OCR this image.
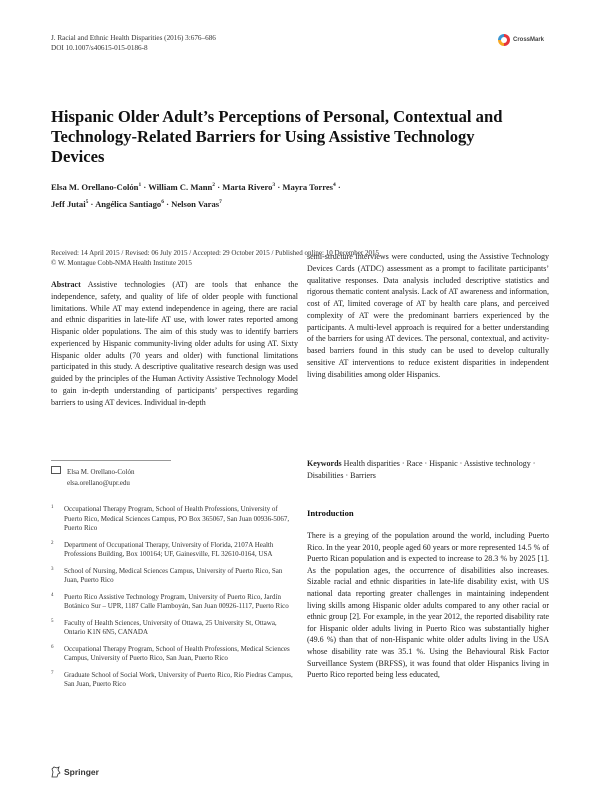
J. Racial and Ethnic Health Disparities (2016) 3:676–686
DOI 10.1007/s40615-015-0186-8
CrossMark
Hispanic Older Adult’s Perceptions of Personal, Contextual and Technology-Related Barriers for Using Assistive Technology Devices
Elsa M. Orellano-Colón$^1$ · William C. Mann$^2$ · Marta Rivero$^3$ · Mayra Torres$^4$ ·
Jeff Jutai$^5$ · Angélica Santiago$^6$ · Nelson Varas$^7$
Received: 14 April 2015 / Revised: 06 July 2015 / Accepted: 29 October 2015 / Published online: 10 December 2015
© W. Montague Cobb-NMA Health Institute 2015

Abstract Assistive technologies (AT) are tools that enhance the independence, safety, and quality of life of older people with functional limitations. While AT may extend independence in ageing, there are racial and ethnic disparities in late-life AT use, with lower rates reported among Hispanic older populations. The aim of this study was to identify barriers experienced by Hispanic community-living older adults for using AT. Sixty Hispanic older adults (70 years and older) with functional limitations participated in this study. A descriptive qualitative research design was used guided by the principles of the Human Activity Assistive Technology Model to gain in-depth understanding of participants’ perspectives regarding barriers to using AT devices. Individual in-depth

semi-structure interviews were conducted, using the Assistive Technology Devices Cards (ATDC) assessment as a prompt to facilitate participants’ qualitative responses. Data analysis included descriptive statistics and rigorous thematic content analysis. Lack of AT awareness and information, cost of AT, limited coverage of AT by health care plans, and perceived complexity of AT were the predominant barriers experienced by the participants. A multi-level approach is required for a better understanding of the barriers for using AT devices. The personal, contextual, and activity-based barriers found in this study can be used to develop culturally sensitive AT interventions to reduce existent disparities in independent living disabilities among older Hispanics.

Keywords Health disparities · Race · Hispanic · Assistive technology · Disabilities · Barriers
Elsa M. Orellano-Colón
elsa.orellano@upr.edu
1 Occupational Therapy Program, School of Health Professions, University of Puerto Rico, Medical Sciences Campus, PO Box 365067, San Juan 00936-5067, Puerto Rico
2 Department of Occupational Therapy, University of Florida, 2107A Health Professions Building, Box 100164; UF, Gainesville, FL 32610-0164, USA
3 School of Nursing, Medical Sciences Campus, University of Puerto Rico, San Juan, Puerto Rico
4 Puerto Rico Assistive Technology Program, University of Puerto Rico, Jardín Botánico Sur – UPR, 1187 Calle Flamboyán, San Juan 00926-1117, Puerto Rico
5 Faculty of Health Sciences, University of Ottawa, 25 University St, Ottawa, Ontario K1N 6N5, CANADA
6 Occupational Therapy Program, School of Health Professions, Medical Sciences Campus, University of Puerto Rico, San Juan, Puerto Rico
7 Graduate School of Social Work, University of Puerto Rico, Río Piedras Campus, San Juan, Puerto Rico
Introduction
There is a greying of the population around the world, including Puerto Rico. In the year 2010, people aged 60 years or more represented 14.5 % of Puerto Rican population and is expected to increase to 28.3 % by 2025 [1]. As the population ages, the occurrence of disabilities also increases. Sizable racial and ethnic disparities in late-life disability exist, with US national data reporting greater challenges in maintaining independent living skills among Hispanic older adults compared to any other racial or ethnic group [2]. For example, in the year 2012, the reported disability rate for Hispanic older adults living in Puerto Rico was substantially higher (49.6 %) than that of non-Hispanic white older adults living in the USA whose disability rate was 35.1 %. Using the Behavioural Risk Factor Surveillance System (BRFSS), it was found that older Hispanics living in Puerto Rico reported being less educated,
Springer
